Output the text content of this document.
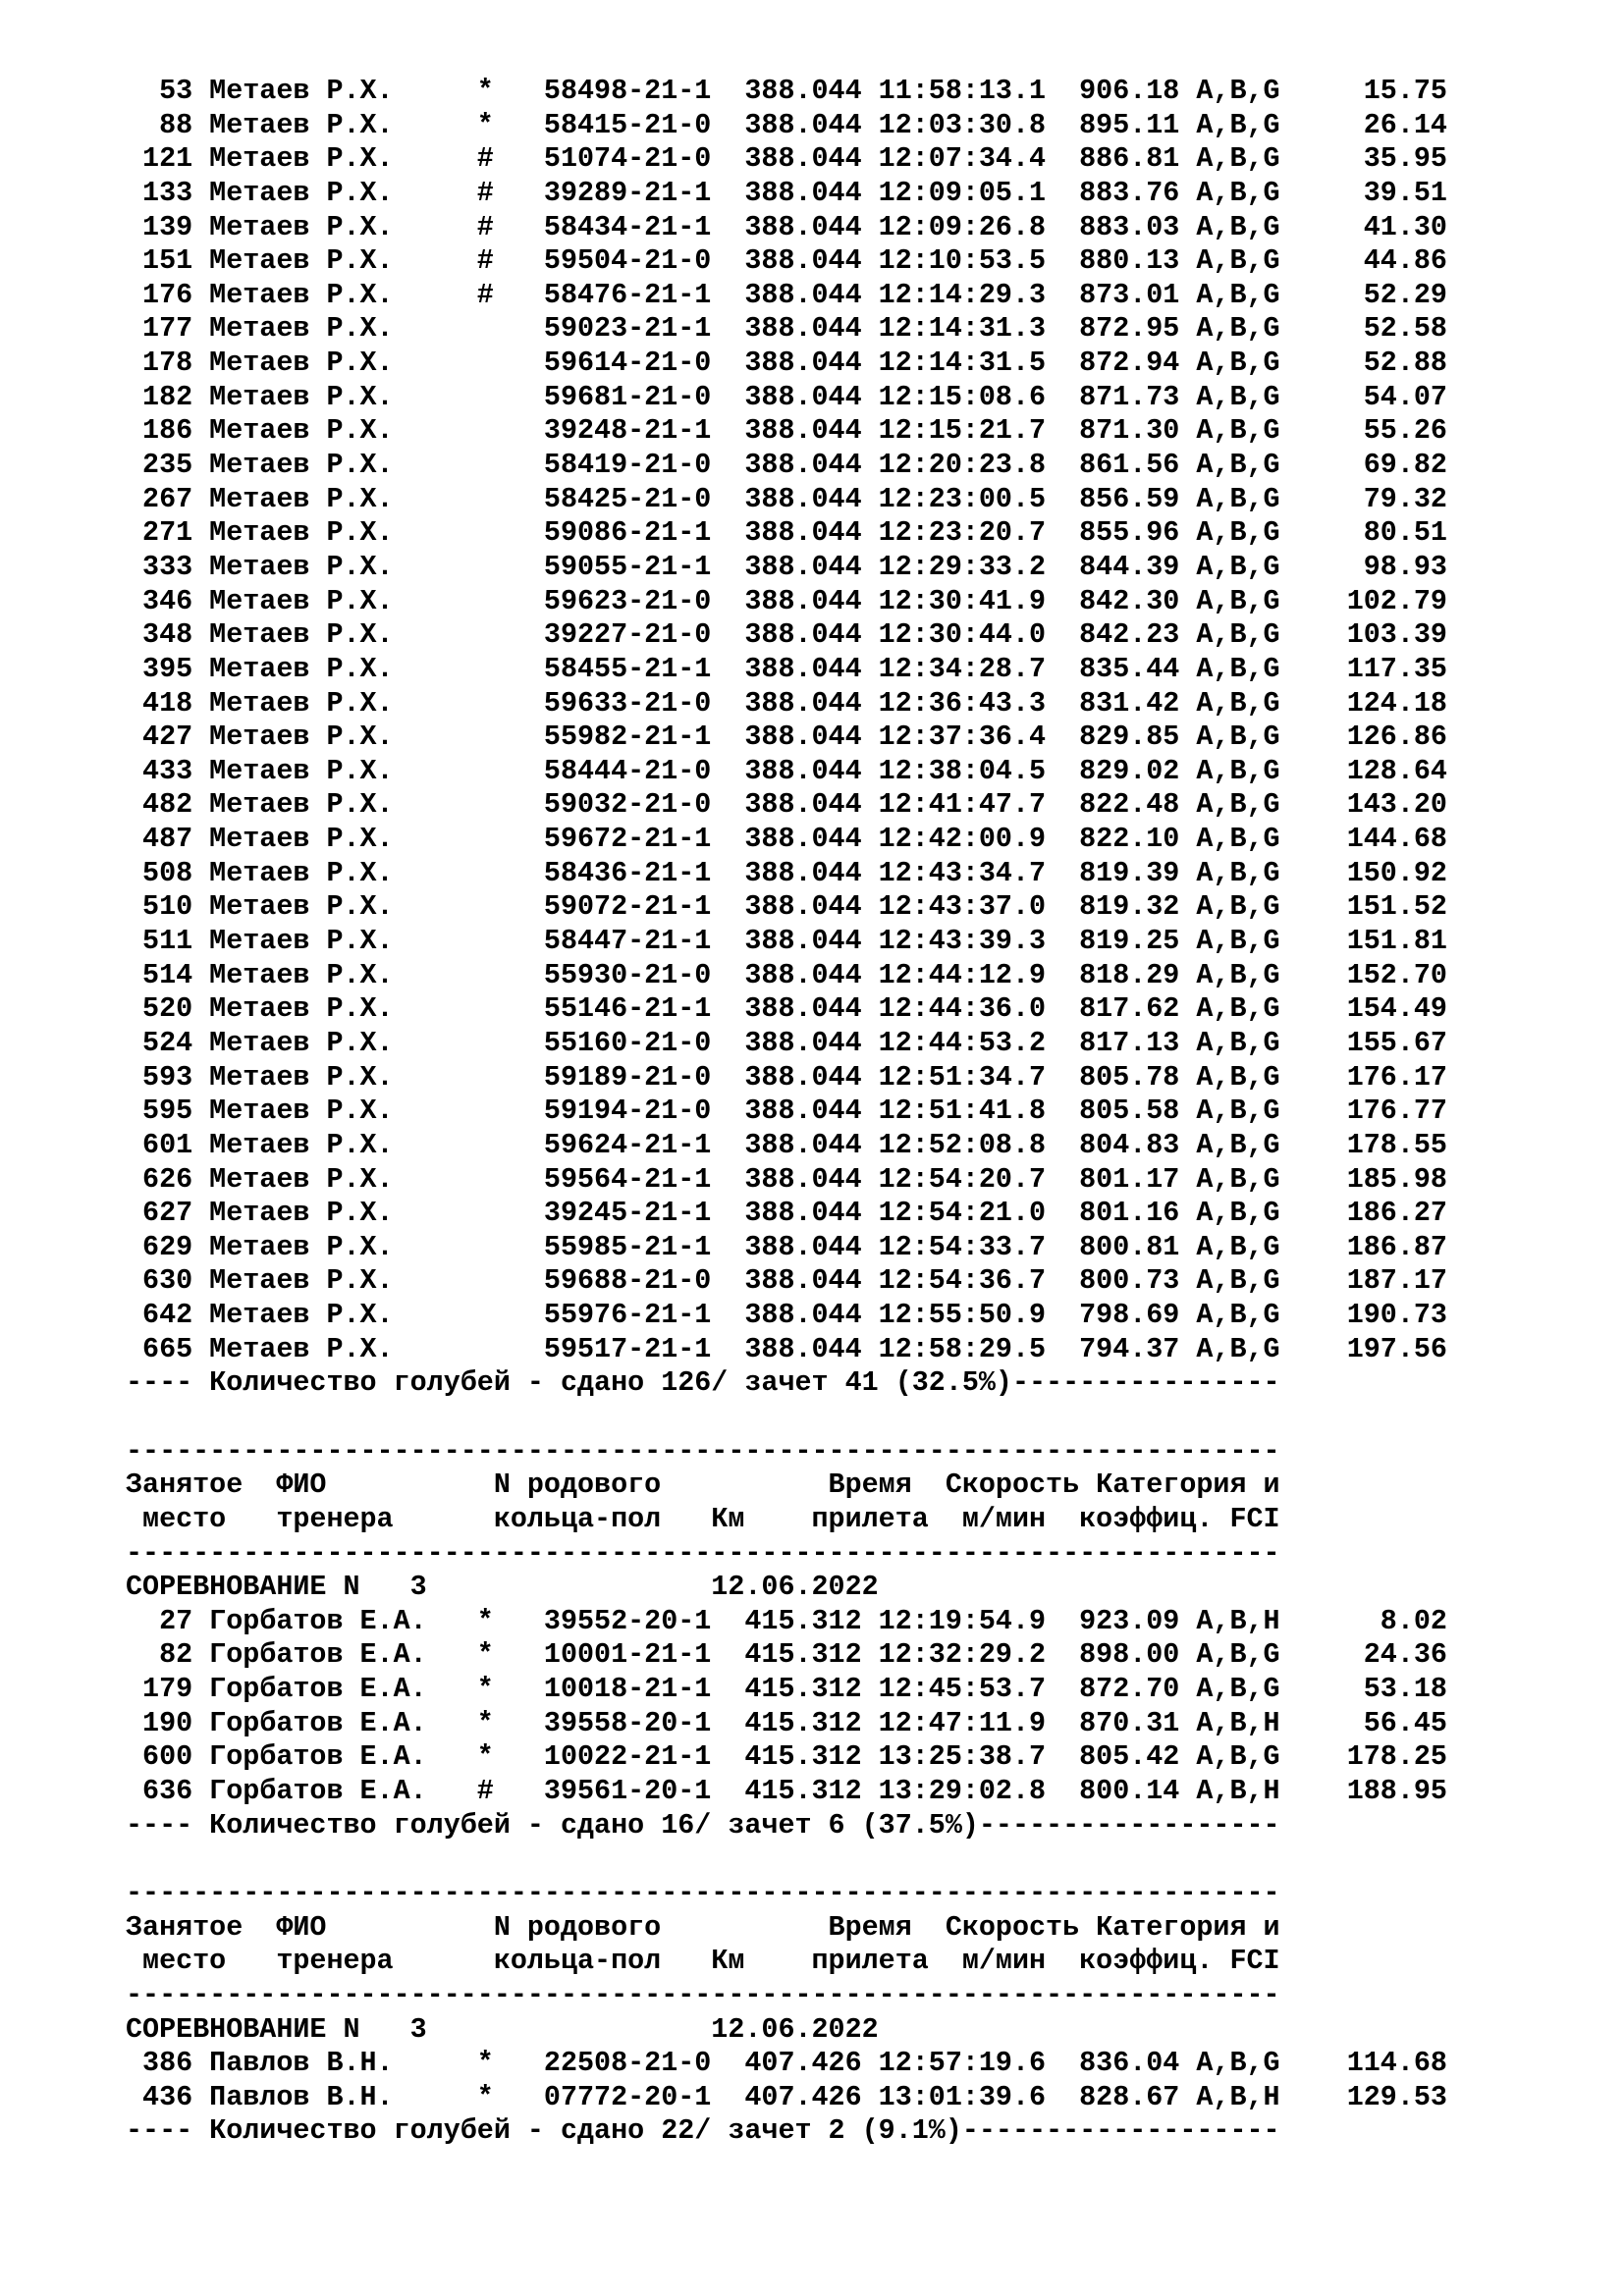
53 Метаев Р.Х.     *   58498-21-1  388.044 11:58:13.1  906.18 A,B,G     15.75
88 Метаев Р.Х.     *   58415-21-0  388.044 12:03:30.8  895.11 A,B,G     26.14
121 Метаев Р.Х.     #   51074-21-0  388.044 12:07:34.4  886.81 A,B,G     35.95
133 Метаев Р.Х.     #   39289-21-1  388.044 12:09:05.1  883.76 A,B,G     39.51
139 Метаев Р.Х.     #   58434-21-1  388.044 12:09:26.8  883.03 A,B,G     41.30
151 Метаев Р.Х.     #   59504-21-0  388.044 12:10:53.5  880.13 A,B,G     44.86
176 Метаев Р.Х.     #   58476-21-1  388.044 12:14:29.3  873.01 A,B,G     52.29
177 Метаев Р.Х.         59023-21-1  388.044 12:14:31.3  872.95 A,B,G     52.58
178 Метаев Р.Х.         59614-21-0  388.044 12:14:31.5  872.94 A,B,G     52.88
182 Метаев Р.Х.         59681-21-0  388.044 12:15:08.6  871.73 A,B,G     54.07
186 Метаев Р.Х.         39248-21-1  388.044 12:15:21.7  871.30 A,B,G     55.26
235 Метаев Р.Х.         58419-21-0  388.044 12:20:23.8  861.56 A,B,G     69.82
267 Метаев Р.Х.         58425-21-0  388.044 12:23:00.5  856.59 A,B,G     79.32
271 Метаев Р.Х.         59086-21-1  388.044 12:23:20.7  855.96 A,B,G     80.51
333 Метаев Р.Х.         59055-21-1  388.044 12:29:33.2  844.39 A,B,G     98.93
346 Метаев Р.Х.         59623-21-0  388.044 12:30:41.9  842.30 A,B,G    102.79
348 Метаев Р.Х.         39227-21-0  388.044 12:30:44.0  842.23 A,B,G    103.39
395 Метаев Р.Х.         58455-21-1  388.044 12:34:28.7  835.44 A,B,G    117.35
418 Метаев Р.Х.         59633-21-0  388.044 12:36:43.3  831.42 A,B,G    124.18
427 Метаев Р.Х.         55982-21-1  388.044 12:37:36.4  829.85 A,B,G    126.86
433 Метаев Р.Х.         58444-21-0  388.044 12:38:04.5  829.02 A,B,G    128.64
482 Метаев Р.Х.         59032-21-0  388.044 12:41:47.7  822.48 A,B,G    143.20
487 Метаев Р.Х.         59672-21-1  388.044 12:42:00.9  822.10 A,B,G    144.68
508 Метаев Р.Х.         58436-21-1  388.044 12:43:34.7  819.39 A,B,G    150.92
510 Метаев Р.Х.         59072-21-1  388.044 12:43:37.0  819.32 A,B,G    151.52
511 Метаев Р.Х.         58447-21-1  388.044 12:43:39.3  819.25 A,B,G    151.81
514 Метаев Р.Х.         55930-21-0  388.044 12:44:12.9  818.29 A,B,G    152.70
520 Метаев Р.Х.         55146-21-1  388.044 12:44:36.0  817.62 A,B,G    154.49
524 Метаев Р.Х.         55160-21-0  388.044 12:44:53.2  817.13 A,B,G    155.67
593 Метаев Р.Х.         59189-21-0  388.044 12:51:34.7  805.78 A,B,G    176.17
595 Метаев Р.Х.         59194-21-0  388.044 12:51:41.8  805.58 A,B,G    176.77
601 Метаев Р.Х.         59624-21-1  388.044 12:52:08.8  804.83 A,B,G    178.55
626 Метаев Р.Х.         59564-21-1  388.044 12:54:20.7  801.17 A,B,G    185.98
627 Метаев Р.Х.         39245-21-1  388.044 12:54:21.0  801.16 A,B,G    186.27
629 Метаев Р.Х.         55985-21-1  388.044 12:54:33.7  800.81 A,B,G    186.87
630 Метаев Р.Х.         59688-21-0  388.044 12:54:36.7  800.73 A,B,G    187.17
642 Метаев Р.Х.         55976-21-1  388.044 12:55:50.9  798.69 A,B,G    190.73
665 Метаев Р.Х.         59517-21-1  388.044 12:58:29.5  794.37 A,B,G    197.56
---- Количество голубей - сдано 126/ зачет 41 (32.5%)----------------
---------------------------------------------------------------------
Занятое  ФИО          N родового          Время  Скорость Категория и
место   тренера      кольца-пол   Км    прилета  м/мин  коэффиц. FCI
---------------------------------------------------------------------
СОРЕВНОВАНИЕ N   3                 12.06.2022
27 Горбатов Е.А.   *   39552-20-1  415.312 12:19:54.9  923.09 A,B,H      8.02
82 Горбатов Е.А.   *   10001-21-1  415.312 12:32:29.2  898.00 A,B,G     24.36
179 Горбатов Е.А.   *   10018-21-1  415.312 12:45:53.7  872.70 A,B,G     53.18
190 Горбатов Е.А.   *   39558-20-1  415.312 12:47:11.9  870.31 A,B,H     56.45
600 Горбатов Е.А.   *   10022-21-1  415.312 13:25:38.7  805.42 A,B,G    178.25
636 Горбатов Е.А.   #   39561-20-1  415.312 13:29:02.8  800.14 A,B,H    188.95
---- Количество голубей - сдано 16/ зачет 6 (37.5%)------------------
---------------------------------------------------------------------
Занятое  ФИО          N родового          Время  Скорость Категория и
место   тренера      кольца-пол   Км    прилета  м/мин  коэффиц. FCI
---------------------------------------------------------------------
СОРЕВНОВАНИЕ N   3                 12.06.2022
386 Павлов В.Н.     *   22508-21-0  407.426 12:57:19.6  836.04 A,B,G    114.68
436 Павлов В.Н.     *   07772-20-1  407.426 13:01:39.6  828.67 A,B,H    129.53
---- Количество голубей - сдано 22/ зачет 2 (9.1%)-------------------
